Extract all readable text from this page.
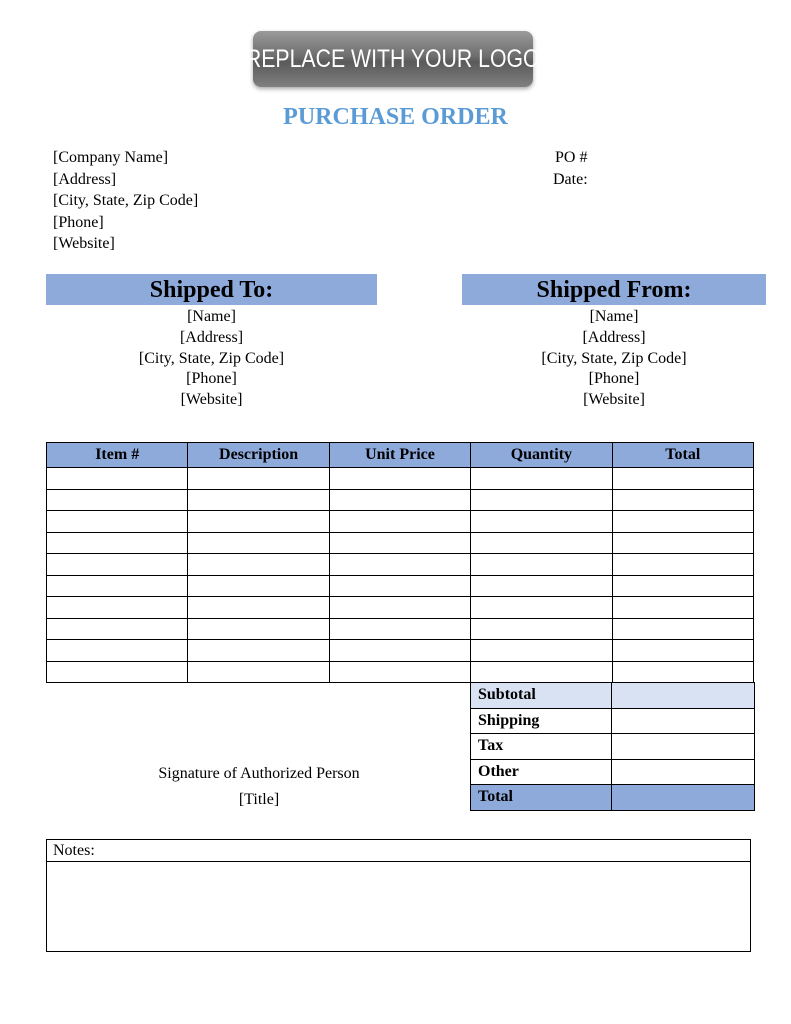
REPLACE WITH YOUR LOGO
PURCHASE ORDER
[Company Name]
[Address]
[City, State, Zip Code]
[Phone]
[Website]
PO #
Date:
Shipped To:	Shipped From:
[Name]
[Address]
[City, State, Zip Code]
[Phone]
[Website]
[Name]
[Address]
[City, State, Zip Code]
[Phone]
[Website]
Item #	Description	Unit Price	Quantity	Total

Subtotal	
Shipping	
Tax	
Other	
Total	
Signature of Authorized Person
[Title]
Notes:
